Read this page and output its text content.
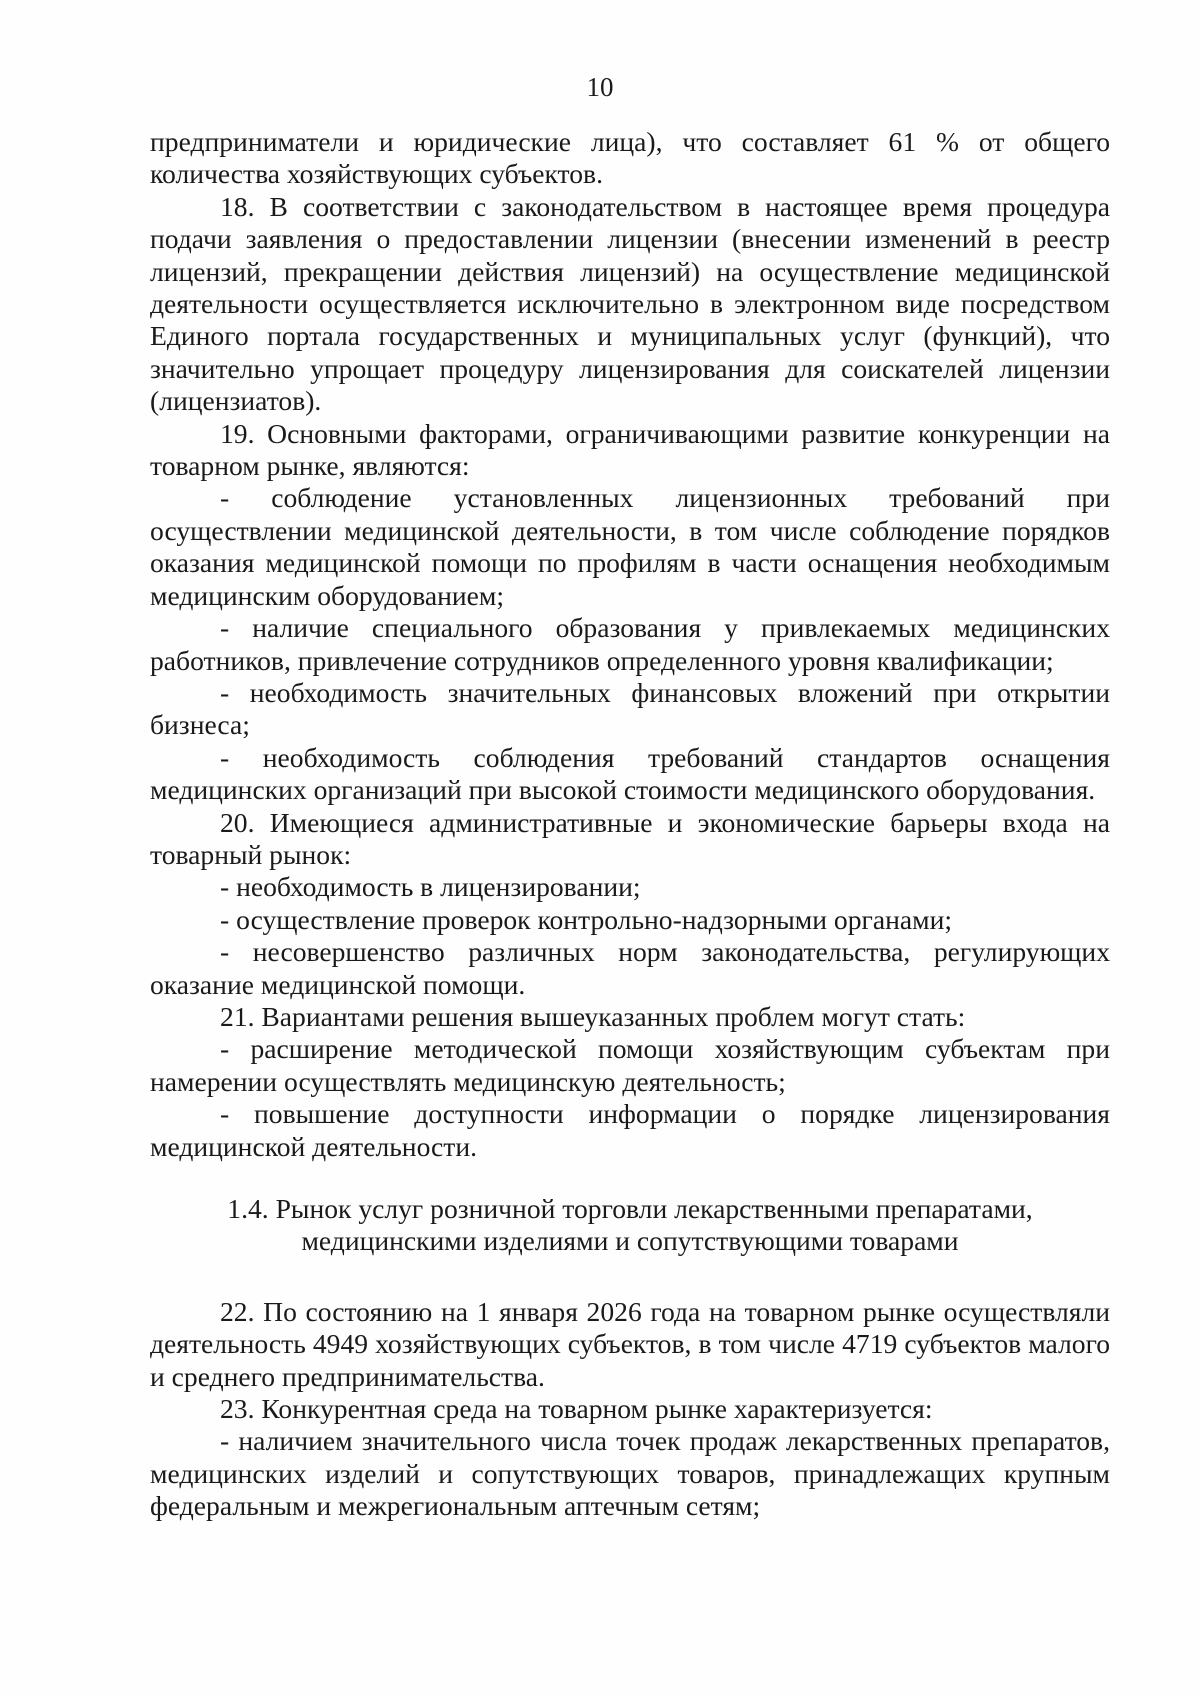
10

предприниматели и юридические лица), что составляет 61 % от общего количества хозяйствующих субъектов.

18. В соответствии с законодательством в настоящее время процедура подачи заявления о предоставлении лицензии (внесении изменений в реестр лицензий, прекращении действия лицензий) на осуществление медицинской деятельности осуществляется исключительно в электронном виде посредством Единого портала государственных и муниципальных услуг (функций), что значительно упрощает процедуру лицензирования для соискателей лицензии (лицензиатов).

19. Основными факторами, ограничивающими развитие конкуренции на товарном рынке, являются:

- соблюдение установленных лицензионных требований при осуществлении медицинской деятельности, в том числе соблюдение порядков оказания медицинской помощи по профилям в части оснащения необходимым медицинским оборудованием;

- наличие специального образования у привлекаемых медицинских работников, привлечение сотрудников определенного уровня квалификации;

- необходимость значительных финансовых вложений при открытии бизнеса;

- необходимость соблюдения требований стандартов оснащения медицинских организаций при высокой стоимости медицинского оборудования.

20. Имеющиеся административные и экономические барьеры входа на товарный рынок:

- необходимость в лицензировании;

- осуществление проверок контрольно-надзорными органами;

- несовершенство различных норм законодательства, регулирующих оказание медицинской помощи.

21. Вариантами решения вышеуказанных проблем могут стать:

- расширение методической помощи хозяйствующим субъектам при намерении осуществлять медицинскую деятельность;

- повышение доступности информации о порядке лицензирования медицинской деятельности.

1.4. Рынок услуг розничной торговли лекарственными препаратами,
медицинскими изделиями и сопутствующими товарами

22. По состоянию на 1 января 2026 года на товарном рынке осуществляли деятельность 4949 хозяйствующих субъектов, в том числе 4719 субъектов малого и среднего предпринимательства.

23. Конкурентная среда на товарном рынке характеризуется:

- наличием значительного числа точек продаж лекарственных препаратов, медицинских изделий и сопутствующих товаров, принадлежащих крупным федеральным и межрегиональным аптечным сетям;
